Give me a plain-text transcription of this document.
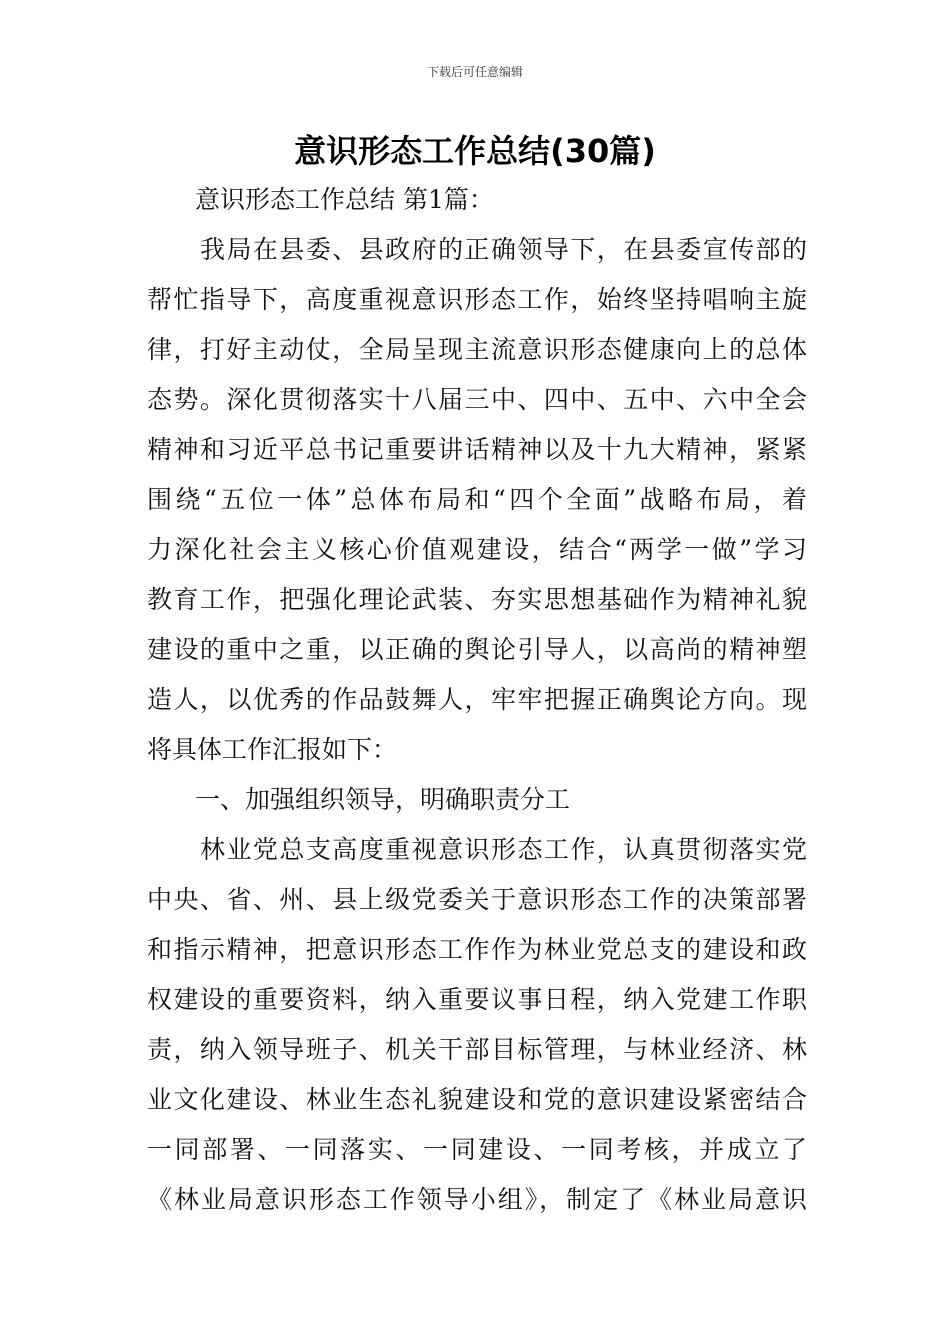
下载后可任意编辑
意识形态工作总结(30篇)
意识形态工作总结 第1篇：
我局在县委、县政府的正确领导下，在县委宣传部的
帮忙指导下，高度重视意识形态工作，始终坚持唱响主旋
律，打好主动仗，全局呈现主流意识形态健康向上的总体
态势。深化贯彻落实十八届三中、四中、五中、六中全会
精神和习近平总书记重要讲话精神以及十九大精神，紧紧
围绕“五位一体”总体布局和“四个全面”战略布局，着
力深化社会主义核心价值观建设，结合“两学一做”学习
教育工作，把强化理论武装、夯实思想基础作为精神礼貌
建设的重中之重，以正确的舆论引导人，以高尚的精神塑
造人，以优秀的作品鼓舞人，牢牢把握正确舆论方向。现
将具体工作汇报如下：
一、加强组织领导，明确职责分工
林业党总支高度重视意识形态工作，认真贯彻落实党
中央、省、州、县上级党委关于意识形态工作的决策部署
和指示精神，把意识形态工作作为林业党总支的建设和政
权建设的重要资料，纳入重要议事日程，纳入党建工作职
责，纳入领导班子、机关干部目标管理，与林业经济、林
业文化建设、林业生态礼貌建设和党的意识建设紧密结合
一同部署、一同落实、一同建设、一同考核，并成立了
《林业局意识形态工作领导小组》，制定了《林业局意识
